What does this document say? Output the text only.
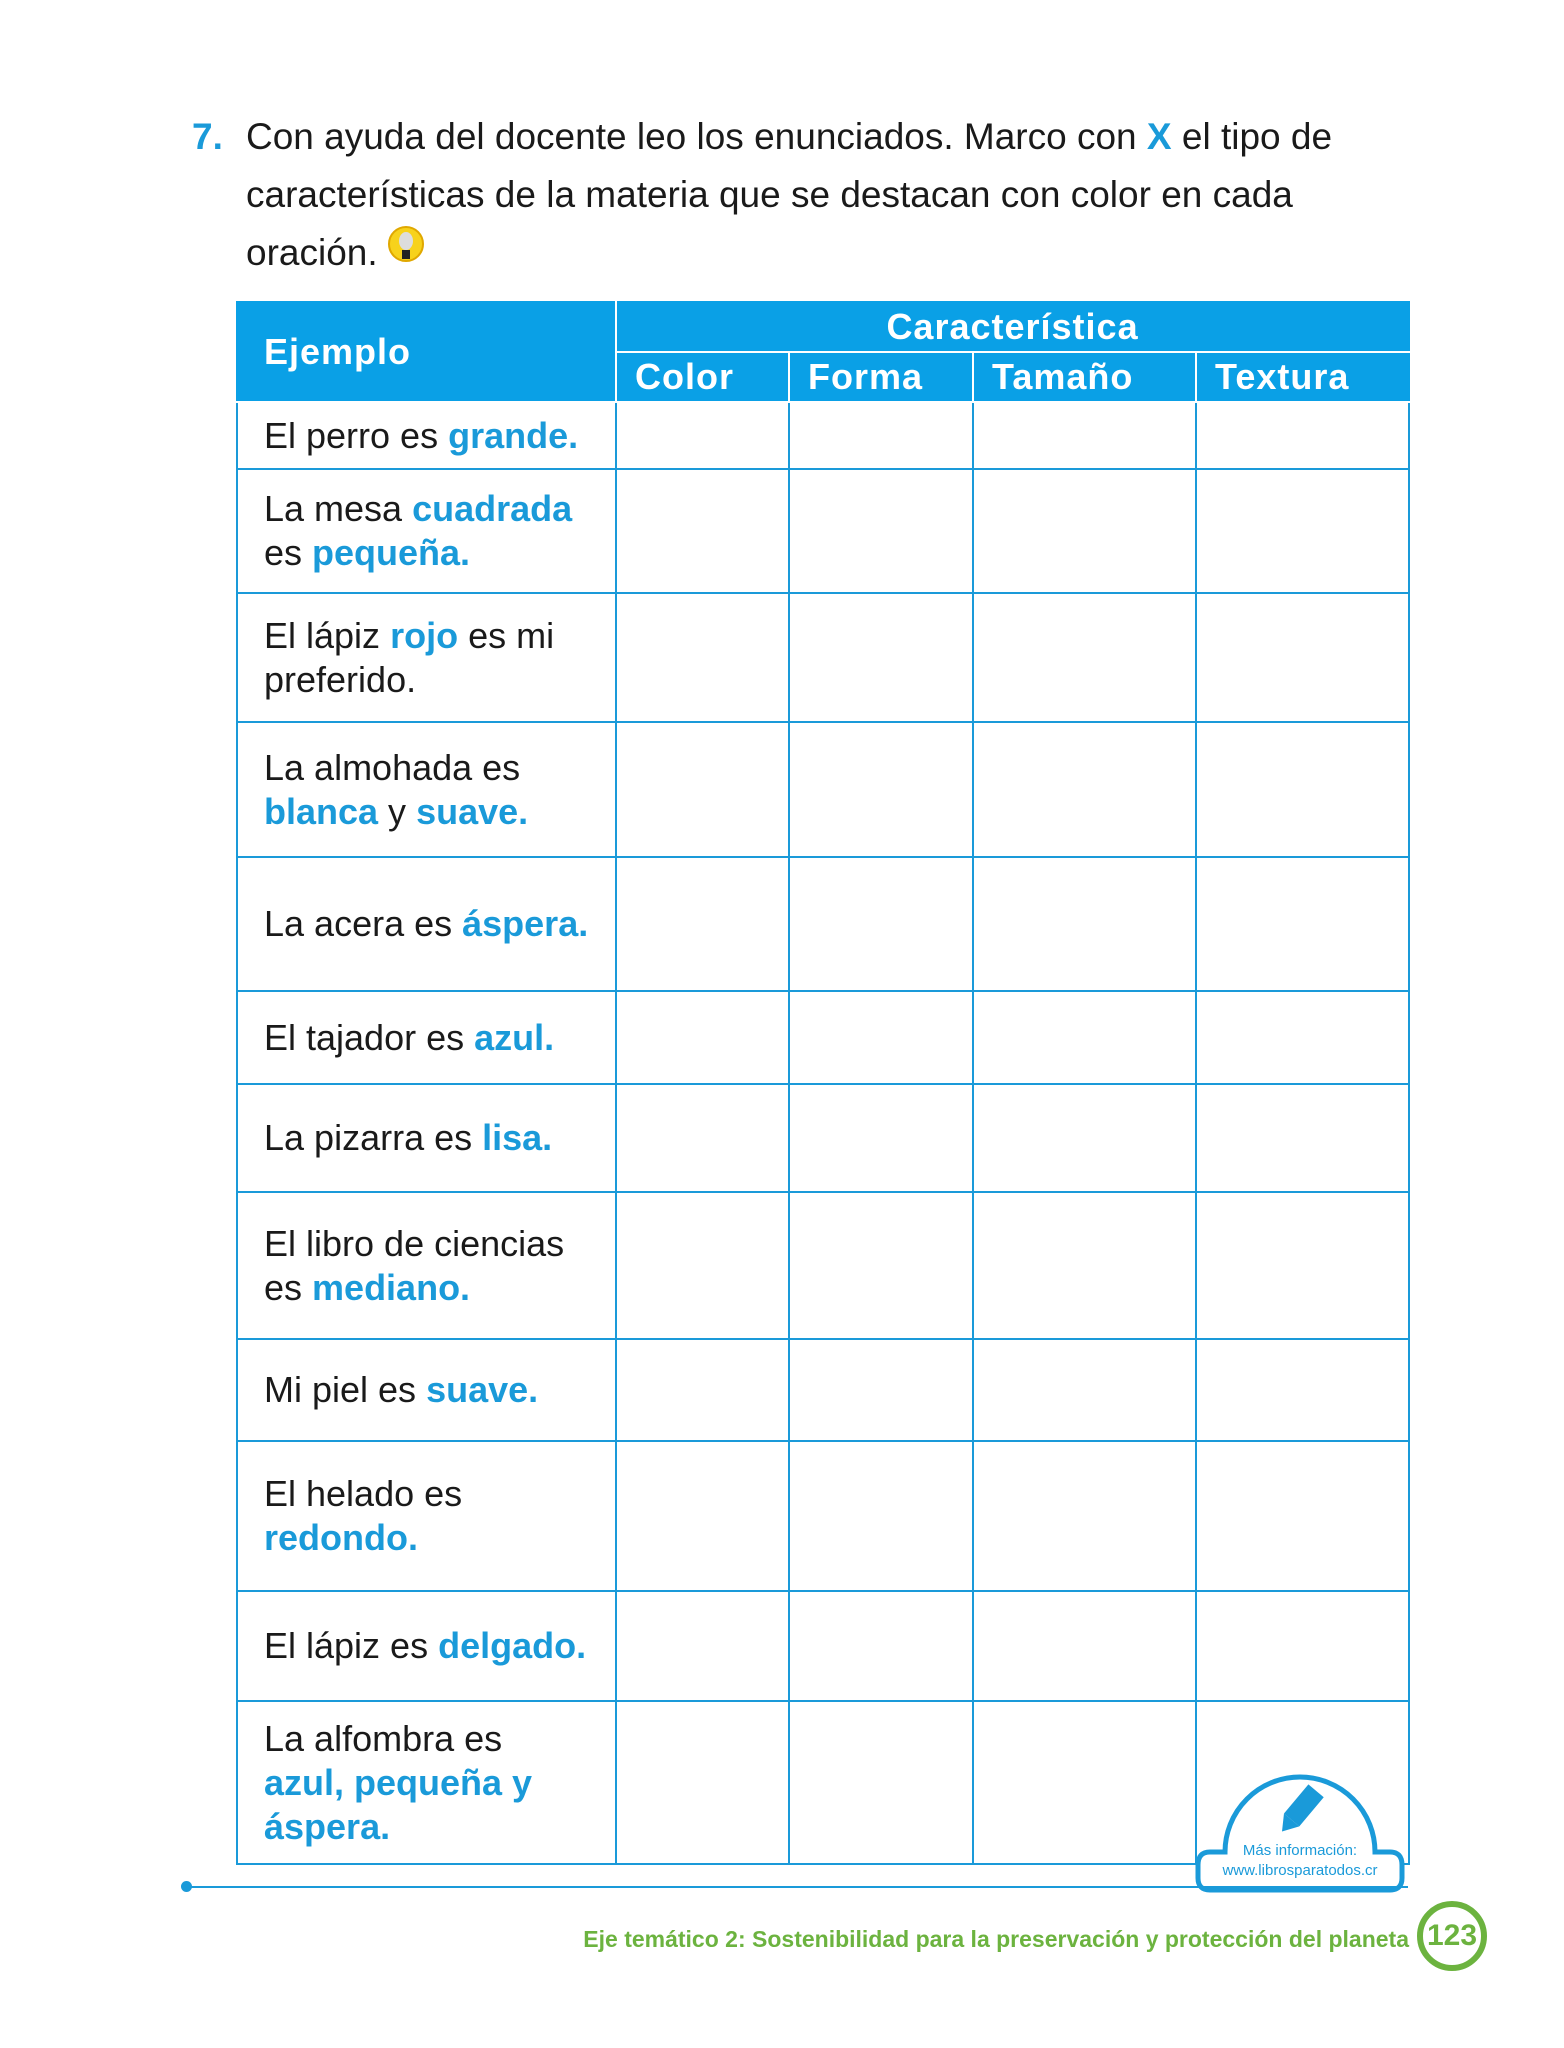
7. Con ayuda del docente leo los enunciados. Marco con X el tipo de características de la materia que se destacan con color en cada oración.
Ejemplo	Característica			
	Color	Forma	Tamaño	Textura
El perro es grande.				
La mesa cuadrada es pequeña.				
El lápiz rojo es mi preferido.				
La almohada es blanca y suave.				
La acera es áspera.				
El tajador es azul.				
La pizarra es lisa.				
El libro de ciencias es mediano.				
Mi piel es suave.				
El helado es redondo.				
El lápiz es delgado.				
La alfombra es azul, pequeña y áspera.				
Más información:
www.librosparatodos.cr
Eje temático 2: Sostenibilidad para la preservación y protección del planeta 123
